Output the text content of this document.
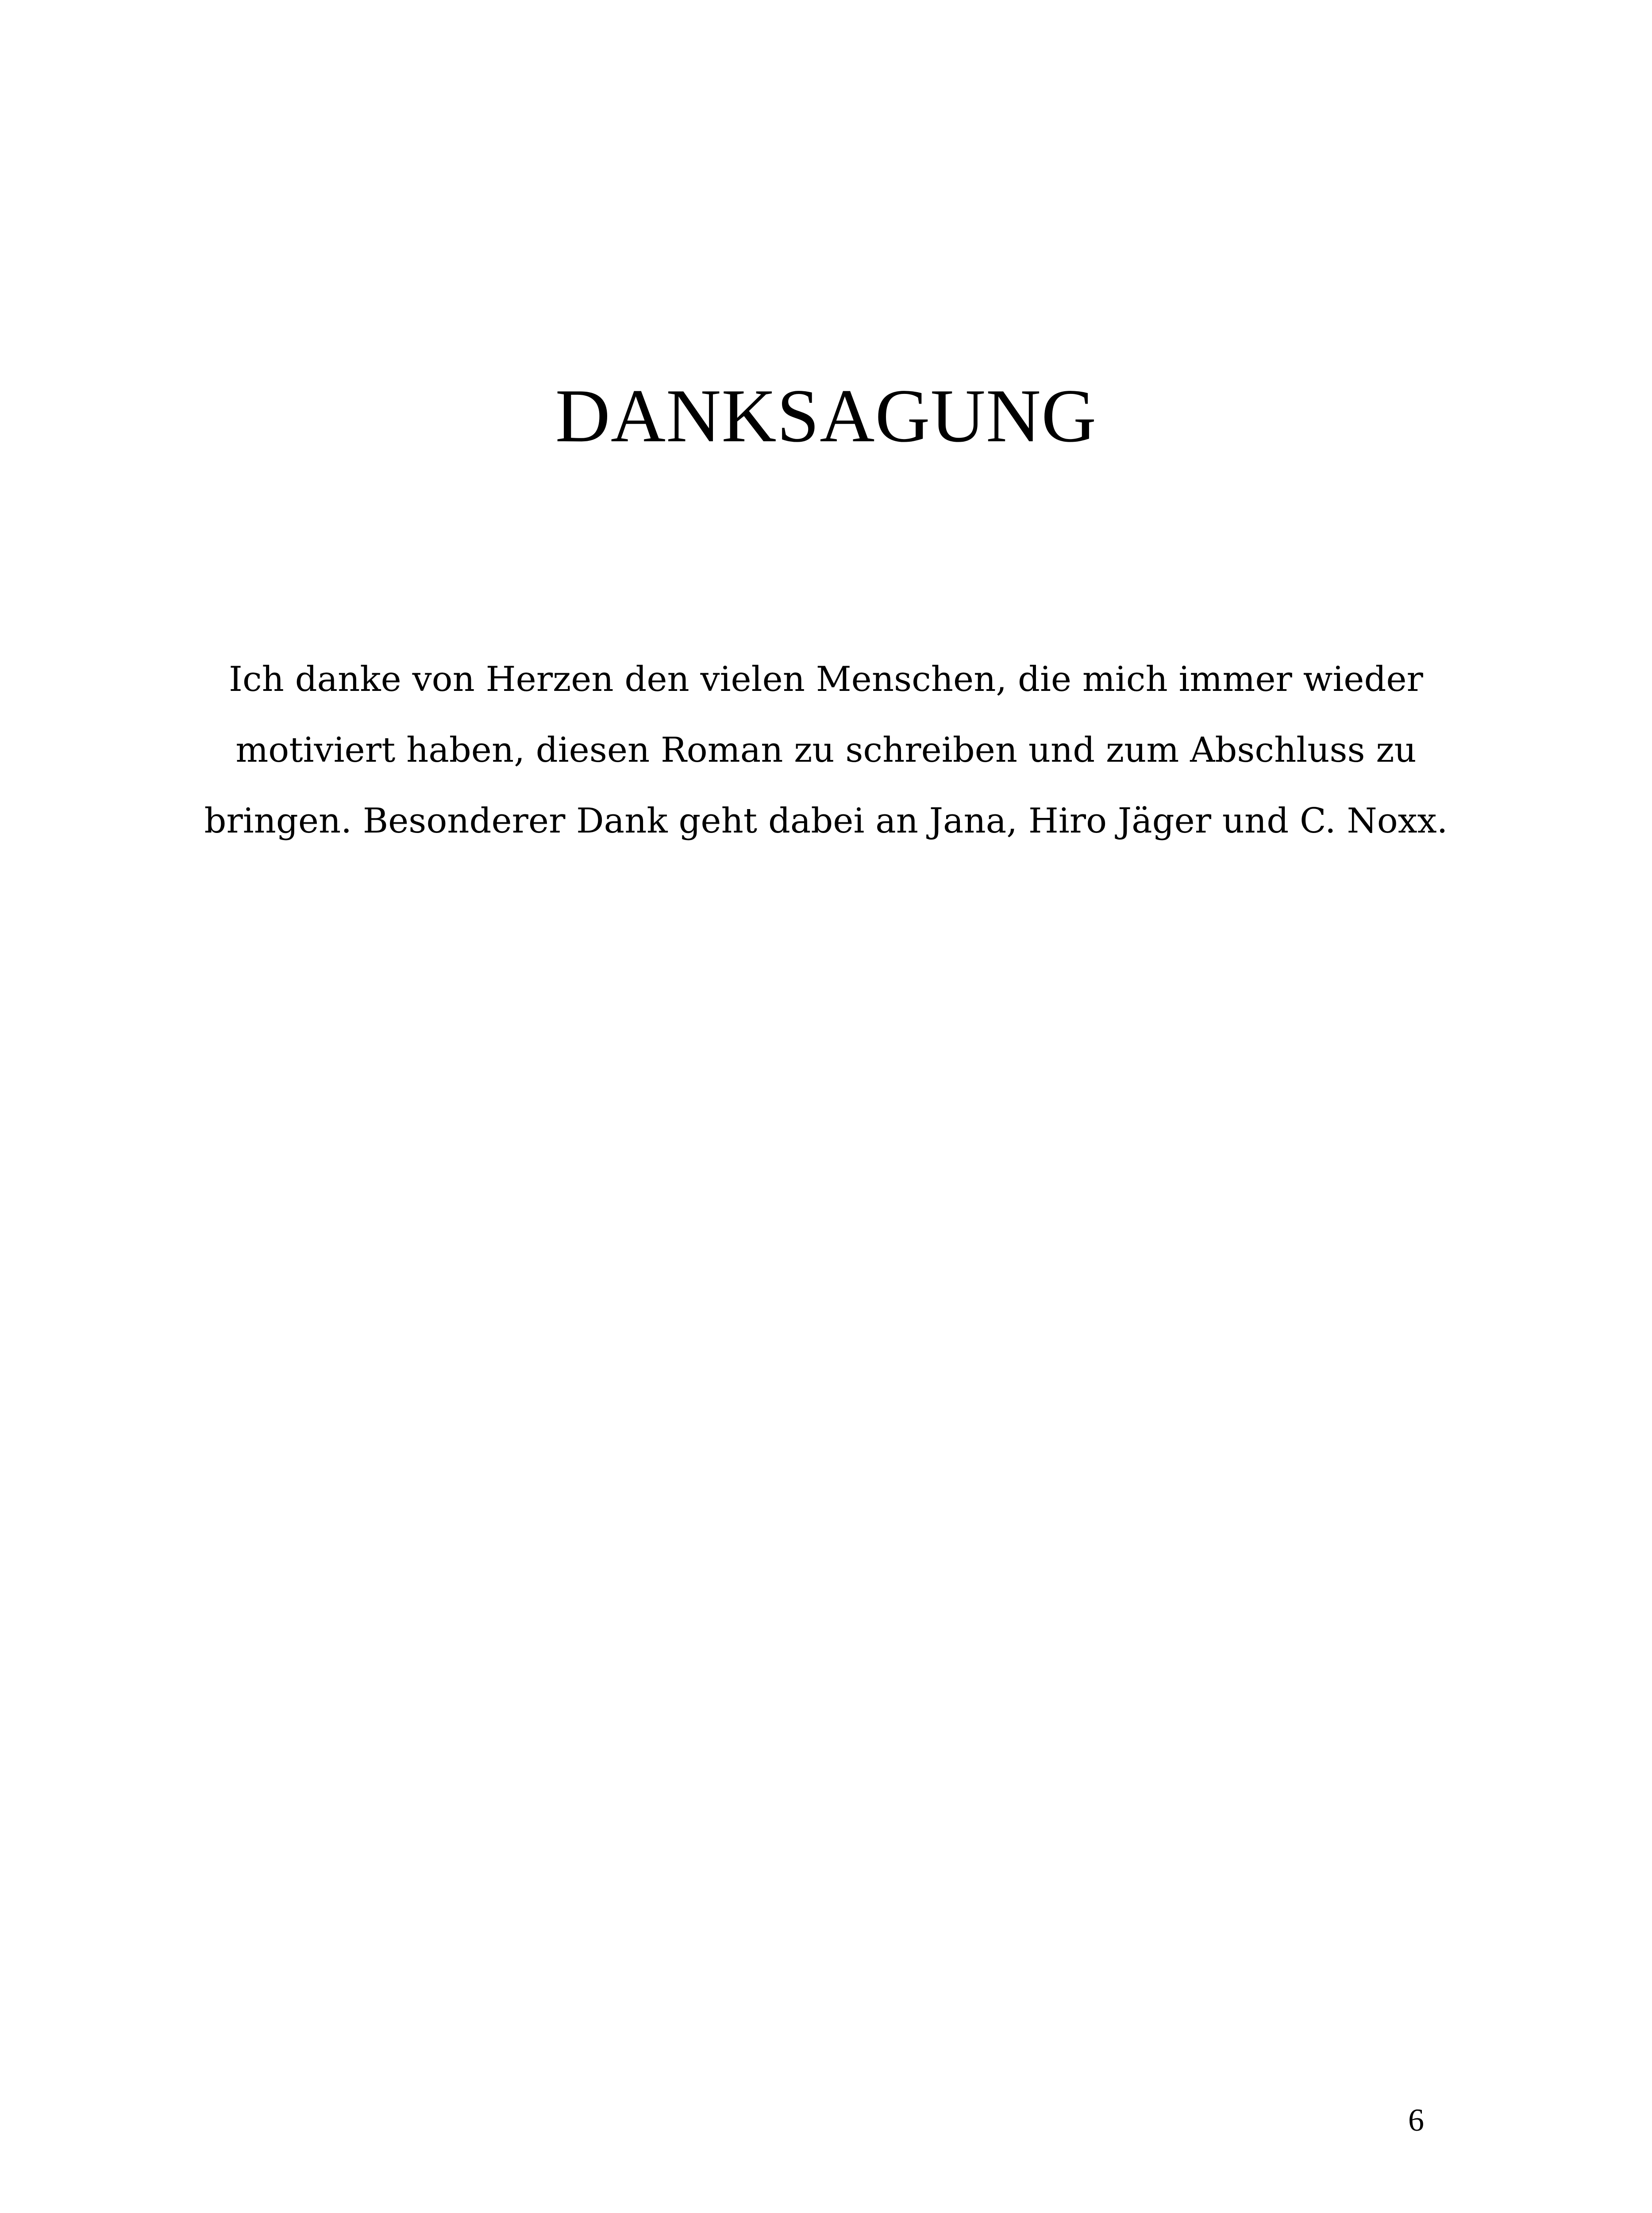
DANKSAGUNG

Ich danke von Herzen den vielen Menschen, die mich immer wieder
motiviert haben, diesen Roman zu schreiben und zum Abschluss zu
bringen. Besonderer Dank geht dabei an Jana, Hiro Jäger und C. Noxx.

6
